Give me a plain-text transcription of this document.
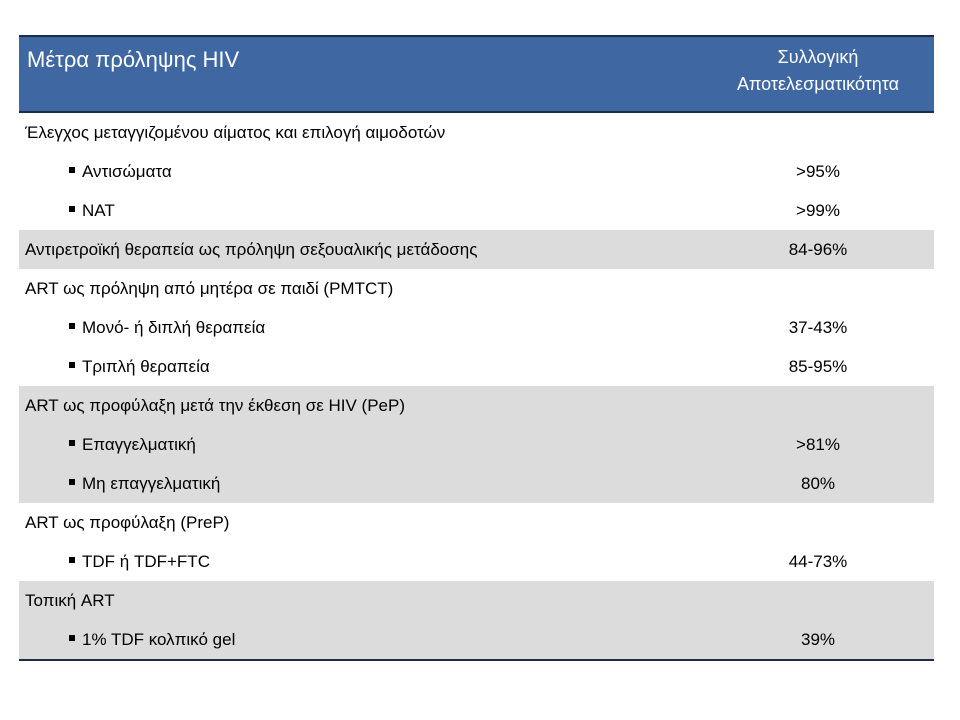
Μέτρα πρόληψης HIV	Συλλογική
Αποτελεσματικότητα
Έλεγχος μεταγγιζομένου αίματος και επιλογή αιμοδοτών
Αντισώματα	>95%
NAT	>99%
Αντιρετροϊκή θεραπεία ως πρόληψη σεξουαλικής μετάδοσης	84-96%
ART ως πρόληψη από μητέρα σε παιδί (PMTCT)
Μονό- ή διπλή θεραπεία	37-43%
Τριπλή θεραπεία	85-95%
ART ως προφύλαξη μετά την έκθεση σε HIV (PeP)
Επαγγελματική	>81%
Μη επαγγελματική	80%
ART ως προφύλαξη (PreP)
TDF ή TDF+FTC	44-73%
Τοπική ART
1% TDF κολπικό gel	39%
